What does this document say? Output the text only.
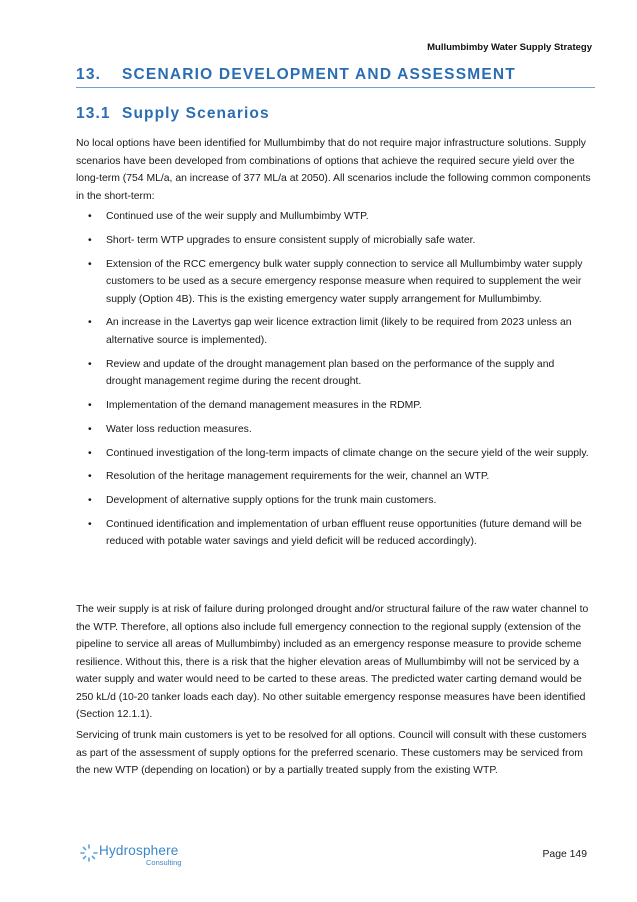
Mullumbimby Water Supply Strategy
13. SCENARIO DEVELOPMENT AND ASSESSMENT
13.1 Supply Scenarios

No local options have been identified for Mullumbimby that do not require major infrastructure solutions. Supply scenarios have been developed from combinations of options that achieve the required secure yield over the long-term (754 ML/a, an increase of 377 ML/a at 2050). All scenarios include the following common components in the short-term:

• Continued use of the weir supply and Mullumbimby WTP.
• Short- term WTP upgrades to ensure consistent supply of microbially safe water.
• Extension of the RCC emergency bulk water supply connection to service all Mullumbimby water supply customers to be used as a secure emergency response measure when required to supplement the weir supply (Option 4B). This is the existing emergency water supply arrangement for Mullumbimby.
• An increase in the Lavertys gap weir licence extraction limit (likely to be required from 2023 unless an alternative source is implemented).
• Review and update of the drought management plan based on the performance of the supply and drought management regime during the recent drought.
• Implementation of the demand management measures in the RDMP.
• Water loss reduction measures.
• Continued investigation of the long-term impacts of climate change on the secure yield of the weir supply.
• Resolution of the heritage management requirements for the weir, channel an WTP.
• Development of alternative supply options for the trunk main customers.
• Continued identification and implementation of urban effluent reuse opportunities (future demand will be reduced with potable water savings and yield deficit will be reduced accordingly).

The weir supply is at risk of failure during prolonged drought and/or structural failure of the raw water channel to the WTP. Therefore, all options also include full emergency connection to the regional supply (extension of the pipeline to service all areas of Mullumbimby) included as an emergency response measure to provide scheme resilience. Without this, there is a risk that the higher elevation areas of Mullumbimby will not be serviced by a water supply and water would need to be carted to these areas. The predicted water carting demand would be 250 kL/d (10-20 tanker loads each day). No other suitable emergency response measures have been identified (Section 12.1.1).

Servicing of trunk main customers is yet to be resolved for all options. Council will consult with these customers as part of the assessment of supply options for the preferred scenario. These customers may be serviced from the new WTP (depending on location) or by a partially treated supply from the existing WTP.

Hydrosphere
Consulting
Page 149
